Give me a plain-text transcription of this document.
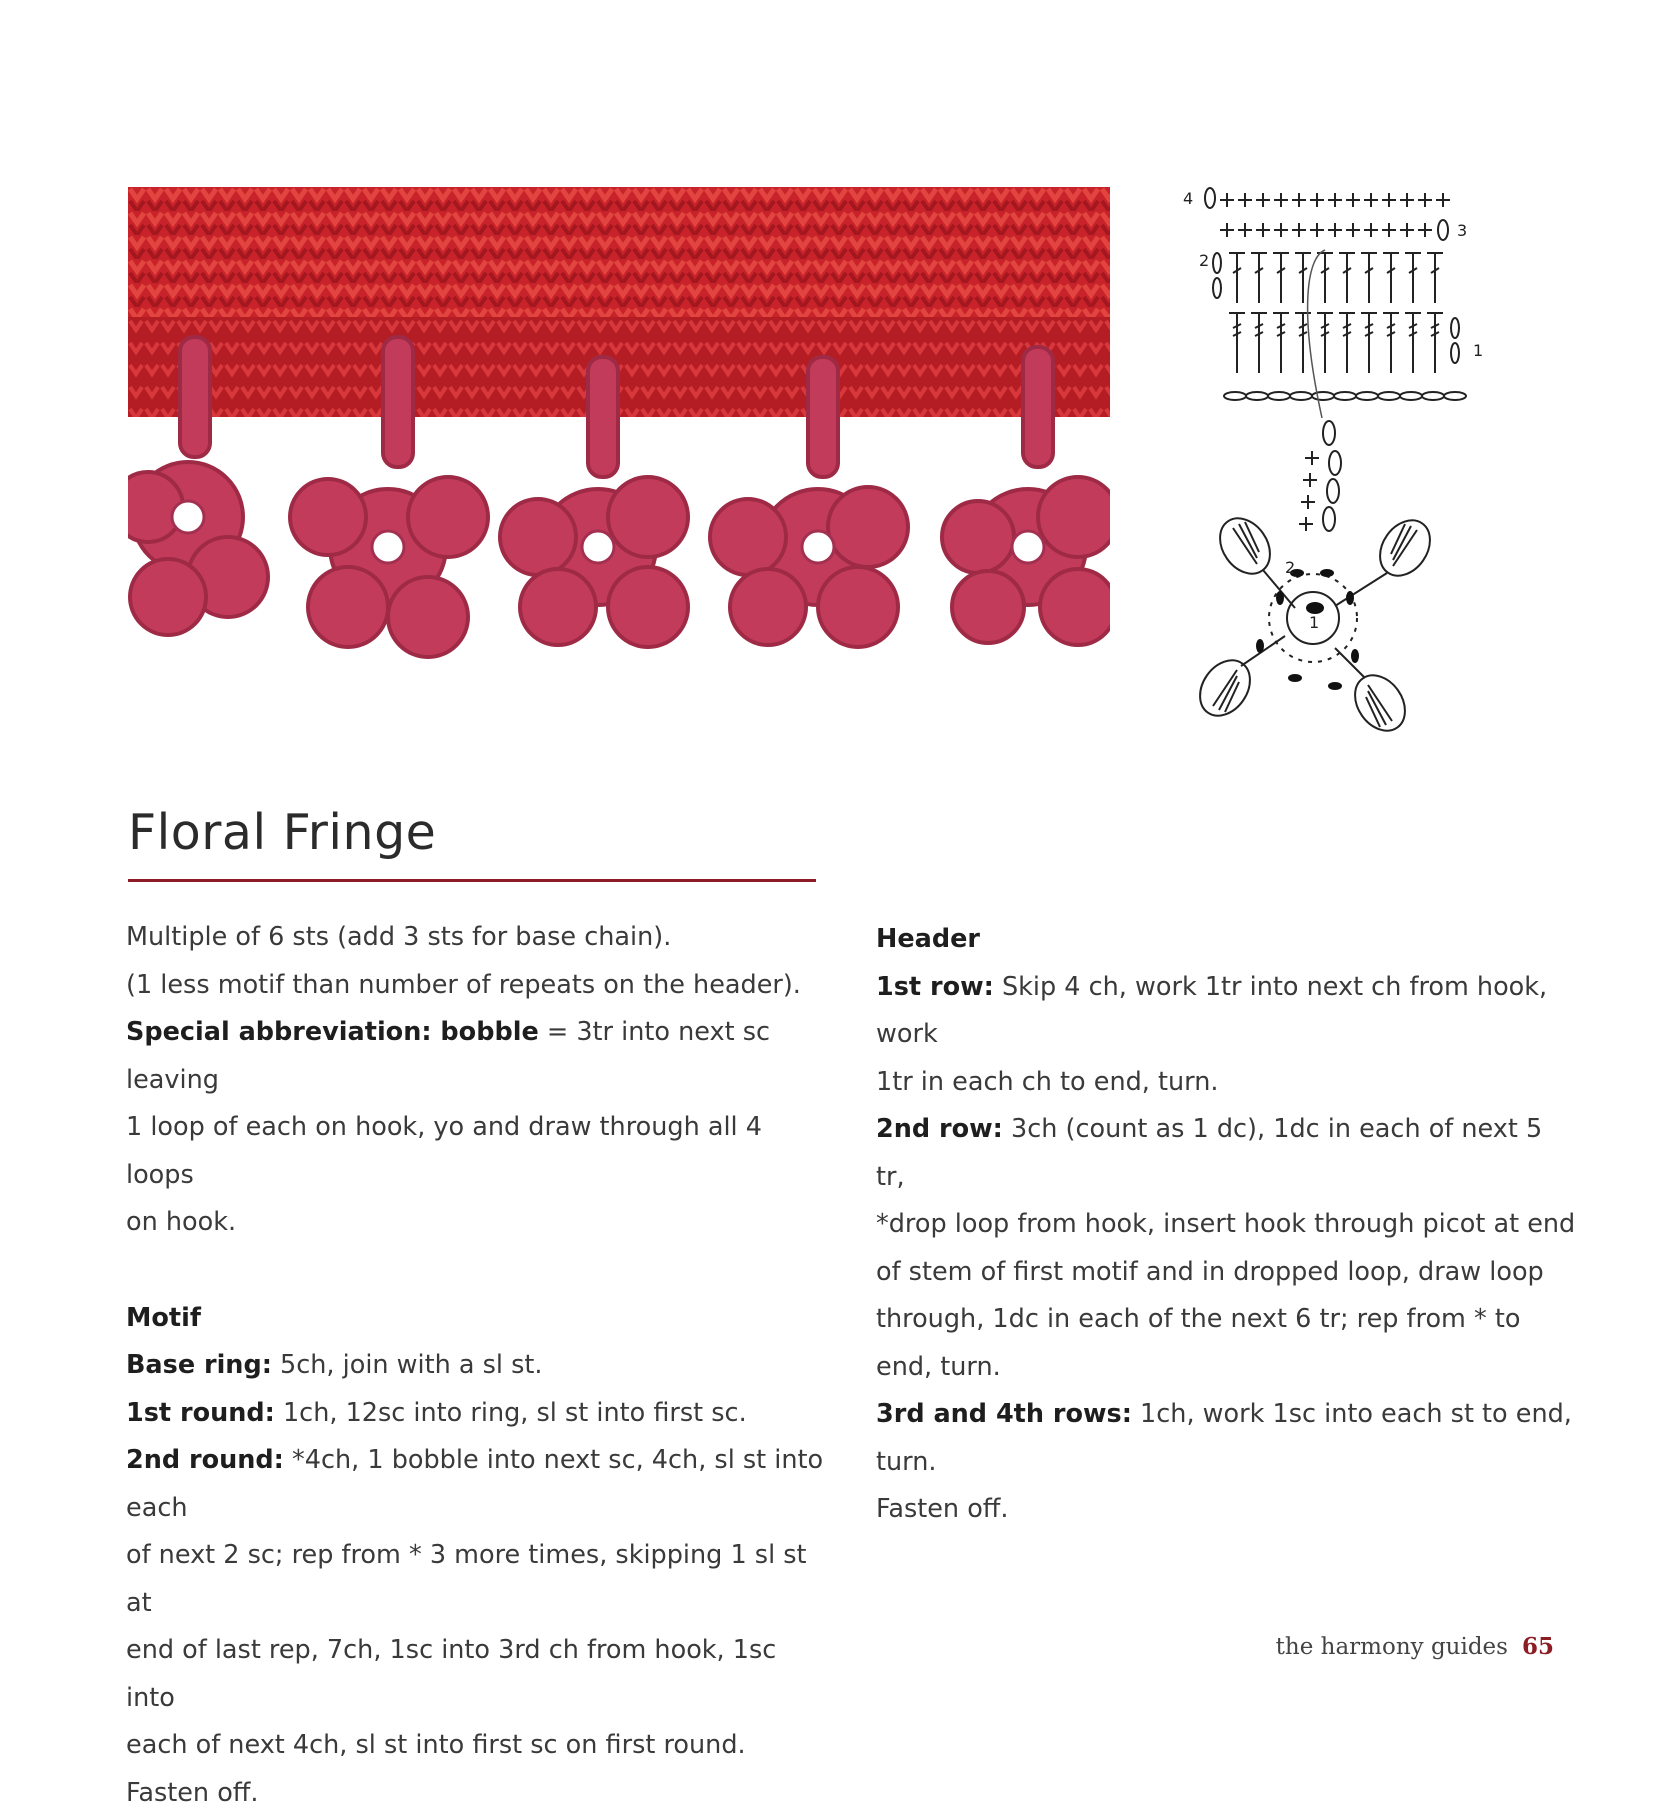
4
3
2
1
2
1
Floral Fringe

Multiple of 6 sts (add 3 sts for base chain).

(1 less motif than number of repeats on the header).

Special abbreviation: bobble = 3tr into next sc leaving

1 loop of each on hook, yo and draw through all 4 loops

on hook.

Motif

Base ring: 5ch, join with a sl st.

1st round: 1ch, 12sc into ring, sl st into first sc.

2nd round: *4ch, 1 bobble into next sc, 4ch, sl st into each

of next 2 sc; rep from * 3 more times, skipping 1 sl st at

end of last rep, 7ch, 1sc into 3rd ch from hook, 1sc into

each of next 4ch, sl st into first sc on first round.

Fasten off.

Header

1st row: Skip 4 ch, work 1tr into next ch from hook, work

1tr in each ch to end, turn.

2nd row: 3ch (count as 1 dc), 1dc in each of next 5 tr,

*drop loop from hook, insert hook through picot at end

of stem of first motif and in dropped loop, draw loop

through, 1dc in each of the next 6 tr; rep from * to

end, turn.

3rd and 4th rows: 1ch, work 1sc into each st to end, turn.

Fasten off.

the harmony guides 65
